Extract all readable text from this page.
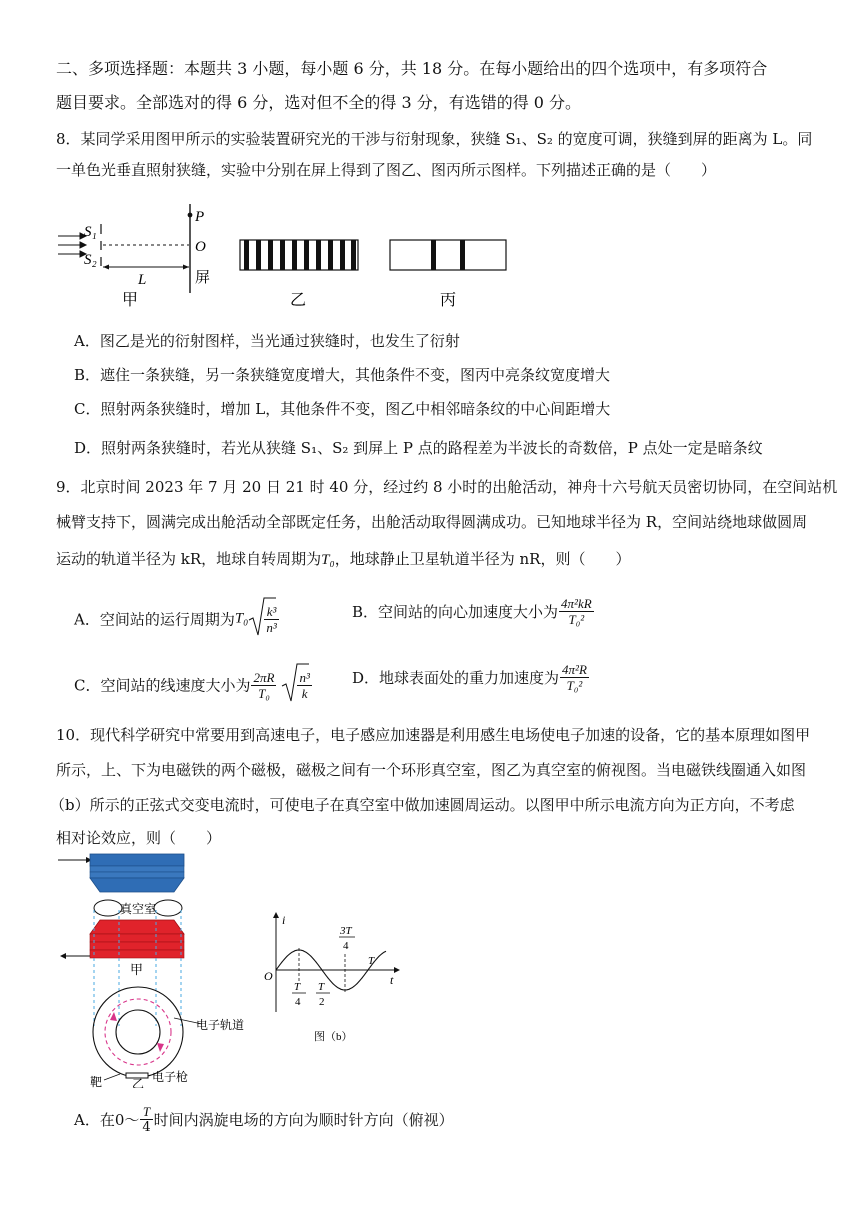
二、多项选择题：本题共 3 小题，每小题 6 分，共 18 分。在每小题给出的四个选项中，有多项符合
题目要求。全部选对的得 6 分，选对但不全的得 3 分，有选错的得 0 分。
8．某同学采用图甲所示的实验装置研究光的干涉与衍射现象，狭缝 S₁、S₂ 的宽度可调，狭缝到屏的距离为 L。同
一单色光垂直照射狭缝，实验中分别在屏上得到了图乙、图丙所示图样。下列描述正确的是（　　）
S₁
S₂
P
O
屏
L
甲	乙	丙
A．图乙是光的衍射图样，当光通过狭缝时，也发生了衍射
B．遮住一条狭缝，另一条狭缝宽度增大，其他条件不变，图丙中亮条纹宽度增大
C．照射两条狭缝时，增加 L，其他条件不变，图乙中相邻暗条纹的中心间距增大
D．照射两条狭缝时，若光从狭缝 S₁、S₂ 到屏上 P 点的路程差为半波长的奇数倍，P 点处一定是暗条纹
9．北京时间 2023 年 7 月 20 日 21 时 40 分，经过约 8 小时的出舱活动，神舟十六号航天员密切协同，在空间站机
械臂支持下，圆满完成出舱活动全部既定任务，出舱活动取得圆满成功。已知地球半径为 R，空间站绕地球做圆周
运动的轨道半径为 kR，地球自转周期为T₀，地球静止卫星轨道半径为 nR，则（　　）
A．空间站的运行周期为$T_0 \frac{\text{k³}}{\text{n³}}$	B．空间站的向心加速度大小为 $\frac{\text{4π²kR}}{\text{T₀²}}$
C．空间站的线速度大小为 $\frac{2\pi R}{\text{T₀}} \frac{\text{n³}}{k}$	D．地球表面处的重力加速度为 $\frac{\text{4π²R}}{\text{T₀²}}$
10．现代科学研究中常要用到高速电子，电子感应加速器是利用感生电场使电子加速的设备，它的基本原理如图甲
所示，上、下为电磁铁的两个磁极，磁极之间有一个环形真空室，图乙为真空室的俯视图。当电磁铁线圈通入如图
（b）所示的正弦式交变电流时，可使电子在真空室中做加速圆周运动。以图甲中所示电流方向为正方向，不考虑
相对论效应，则（　　）
真空室
甲
电子轨道
靶	电子枪
乙
i
O	t
T
4
T
2
3T
4
T
图（b）
A．在0～ $\frac{T}{4}$ 时间内涡旋电场的方向为顺时针方向（俯视）
